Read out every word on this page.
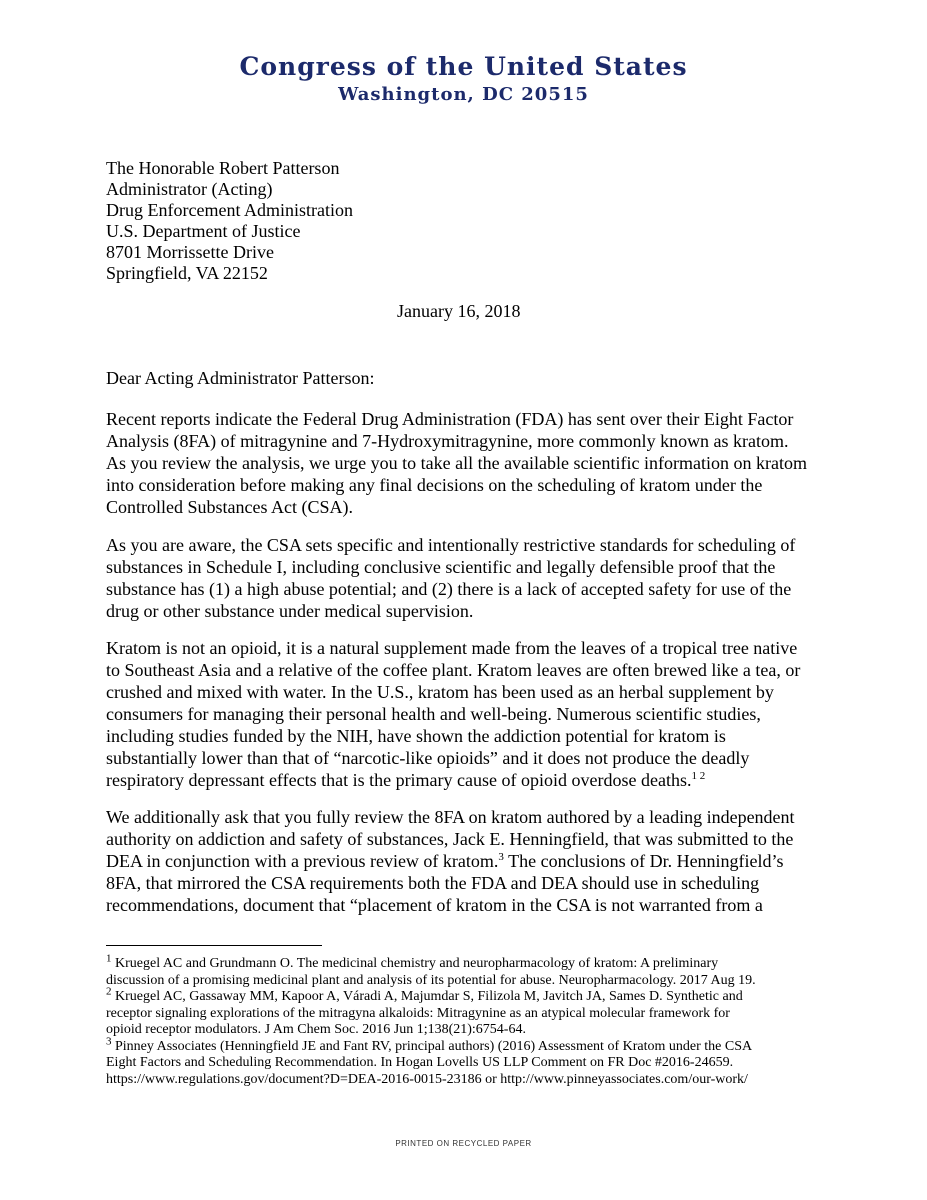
Congress of the United States
Washington, DC 20515
The Honorable Robert Patterson
Administrator (Acting)
Drug Enforcement Administration
U.S. Department of Justice
8701 Morrissette Drive
Springfield, VA 22152
January 16, 2018
Dear Acting Administrator Patterson:
Recent reports indicate the Federal Drug Administration (FDA) has sent over their Eight Factor
Analysis (8FA) of mitragynine and 7-Hydroxymitragynine, more commonly known as kratom.
As you review the analysis, we urge you to take all the available scientific information on kratom
into consideration before making any final decisions on the scheduling of kratom under the
Controlled Substances Act (CSA).
As you are aware, the CSA sets specific and intentionally restrictive standards for scheduling of
substances in Schedule I, including conclusive scientific and legally defensible proof that the
substance has (1) a high abuse potential; and (2) there is a lack of accepted safety for use of the
drug or other substance under medical supervision.
Kratom is not an opioid, it is a natural supplement made from the leaves of a tropical tree native
to Southeast Asia and a relative of the coffee plant. Kratom leaves are often brewed like a tea, or
crushed and mixed with water. In the U.S., kratom has been used as an herbal supplement by
consumers for managing their personal health and well-being. Numerous scientific studies,
including studies funded by the NIH, have shown the addiction potential for kratom is
substantially lower than that of “narcotic-like opioids” and it does not produce the deadly
respiratory depressant effects that is the primary cause of opioid overdose deaths.$^{1 2}$
We additionally ask that you fully review the 8FA on kratom authored by a leading independent
authority on addiction and safety of substances, Jack E. Henningfield, that was submitted to the
DEA in conjunction with a previous review of kratom.$^3$ The conclusions of Dr. Henningfield’s
8FA, that mirrored the CSA requirements both the FDA and DEA should use in scheduling
recommendations, document that “placement of kratom in the CSA is not warranted from a
$^1$ Kruegel AC and Grundmann O. The medicinal chemistry and neuropharmacology of kratom: A preliminary
discussion of a promising medicinal plant and analysis of its potential for abuse. Neuropharmacology. 2017 Aug 19.
$^2$ Kruegel AC, Gassaway MM, Kapoor A, Váradi A, Majumdar S, Filizola M, Javitch JA, Sames D. Synthetic and
receptor signaling explorations of the mitragyna alkaloids: Mitragynine as an atypical molecular framework for
opioid receptor modulators. J Am Chem Soc. 2016 Jun 1;138(21):6754-64.
$^3$ Pinney Associates (Henningfield JE and Fant RV, principal authors) (2016) Assessment of Kratom under the CSA
Eight Factors and Scheduling Recommendation. In Hogan Lovells US LLP Comment on FR Doc #2016-24659.
https://www.regulations.gov/document?D=DEA-2016-0015-23186 or http://www.pinneyassociates.com/our-work/
PRINTED ON RECYCLED PAPER
